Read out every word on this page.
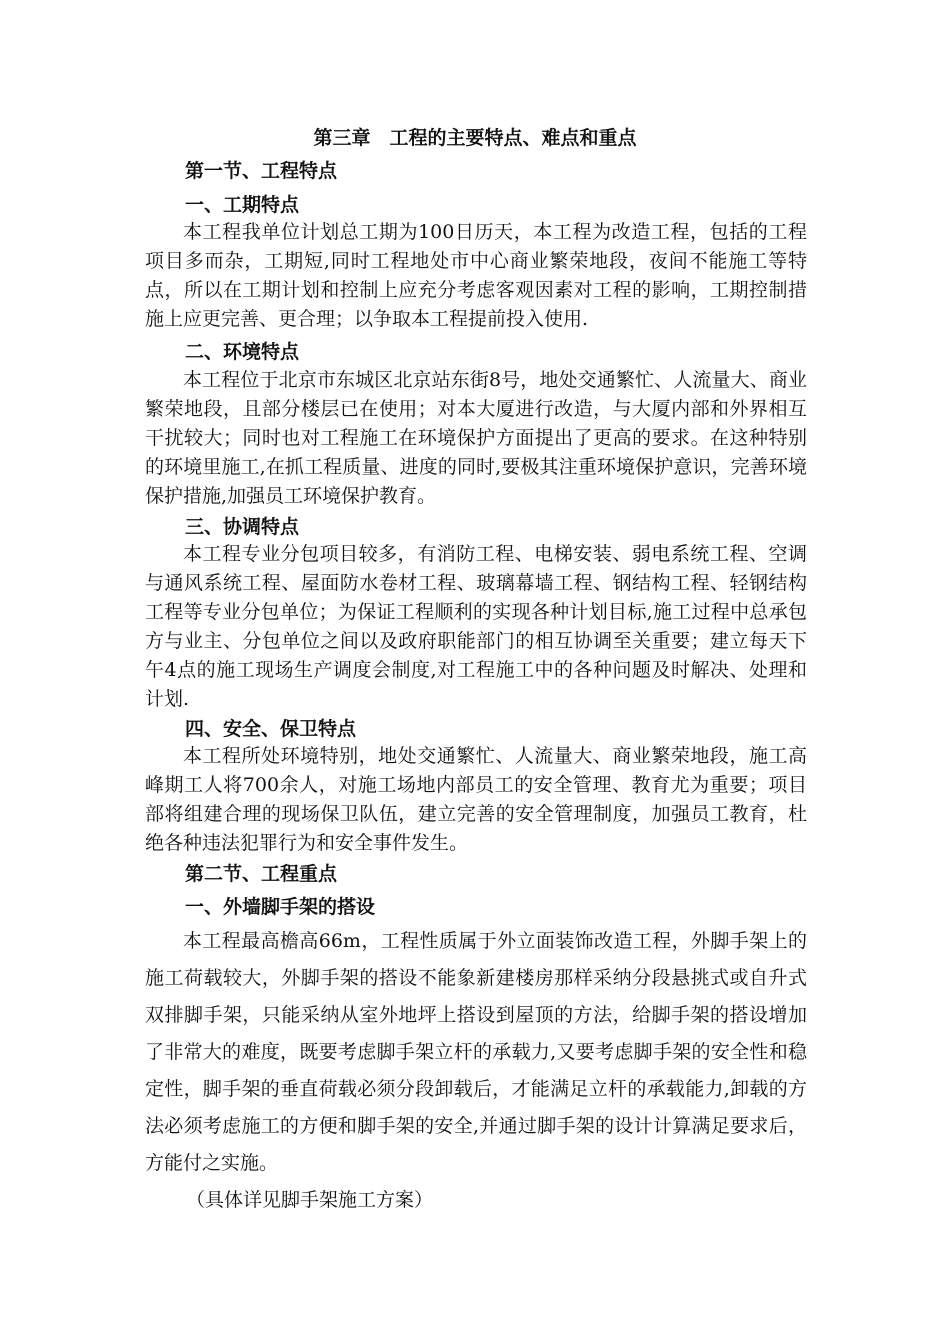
第三章　工程的主要特点、难点和重点
第一节、工程特点
一、工期特点
本工程我单位计划总工期为100日历天，本工程为改造工程，包括的工程项目多而杂，工期短,同时工程地处市中心商业繁荣地段，夜间不能施工等特点，所以在工期计划和控制上应充分考虑客观因素对工程的影响，工期控制措施上应更完善、更合理；以争取本工程提前投入使用.
二、环境特点
本工程位于北京市东城区北京站东街8号，地处交通繁忙、人流量大、商业繁荣地段，且部分楼层已在使用；对本大厦进行改造，与大厦内部和外界相互干扰较大；同时也对工程施工在环境保护方面提出了更高的要求。在这种特别的环境里施工,在抓工程质量、进度的同时,要极其注重环境保护意识，完善环境保护措施,加强员工环境保护教育。
三、协调特点
本工程专业分包项目较多，有消防工程、电梯安装、弱电系统工程、空调与通风系统工程、屋面防水卷材工程、玻璃幕墙工程、钢结构工程、轻钢结构工程等专业分包单位；为保证工程顺利的实现各种计划目标,施工过程中总承包方与业主、分包单位之间以及政府职能部门的相互协调至关重要；建立每天下午4点的施工现场生产调度会制度,对工程施工中的各种问题及时解决、处理和计划.
四、安全、保卫特点
本工程所处环境特别，地处交通繁忙、人流量大、商业繁荣地段，施工高峰期工人将700余人，对施工场地内部员工的安全管理、教育尤为重要；项目部将组建合理的现场保卫队伍，建立完善的安全管理制度，加强员工教育，杜绝各种违法犯罪行为和安全事件发生。
第二节、工程重点
一、外墙脚手架的搭设
本工程最高檐高66m，工程性质属于外立面装饰改造工程，外脚手架上的施工荷载较大，外脚手架的搭设不能象新建楼房那样采纳分段悬挑式或自升式双排脚手架，只能采纳从室外地坪上搭设到屋顶的方法，给脚手架的搭设增加了非常大的难度，既要考虑脚手架立杆的承载力,又要考虑脚手架的安全性和稳定性，脚手架的垂直荷载必须分段卸载后，才能满足立杆的承载能力,卸载的方法必须考虑施工的方便和脚手架的安全,并通过脚手架的设计计算满足要求后，方能付之实施。
（具体详见脚手架施工方案）
